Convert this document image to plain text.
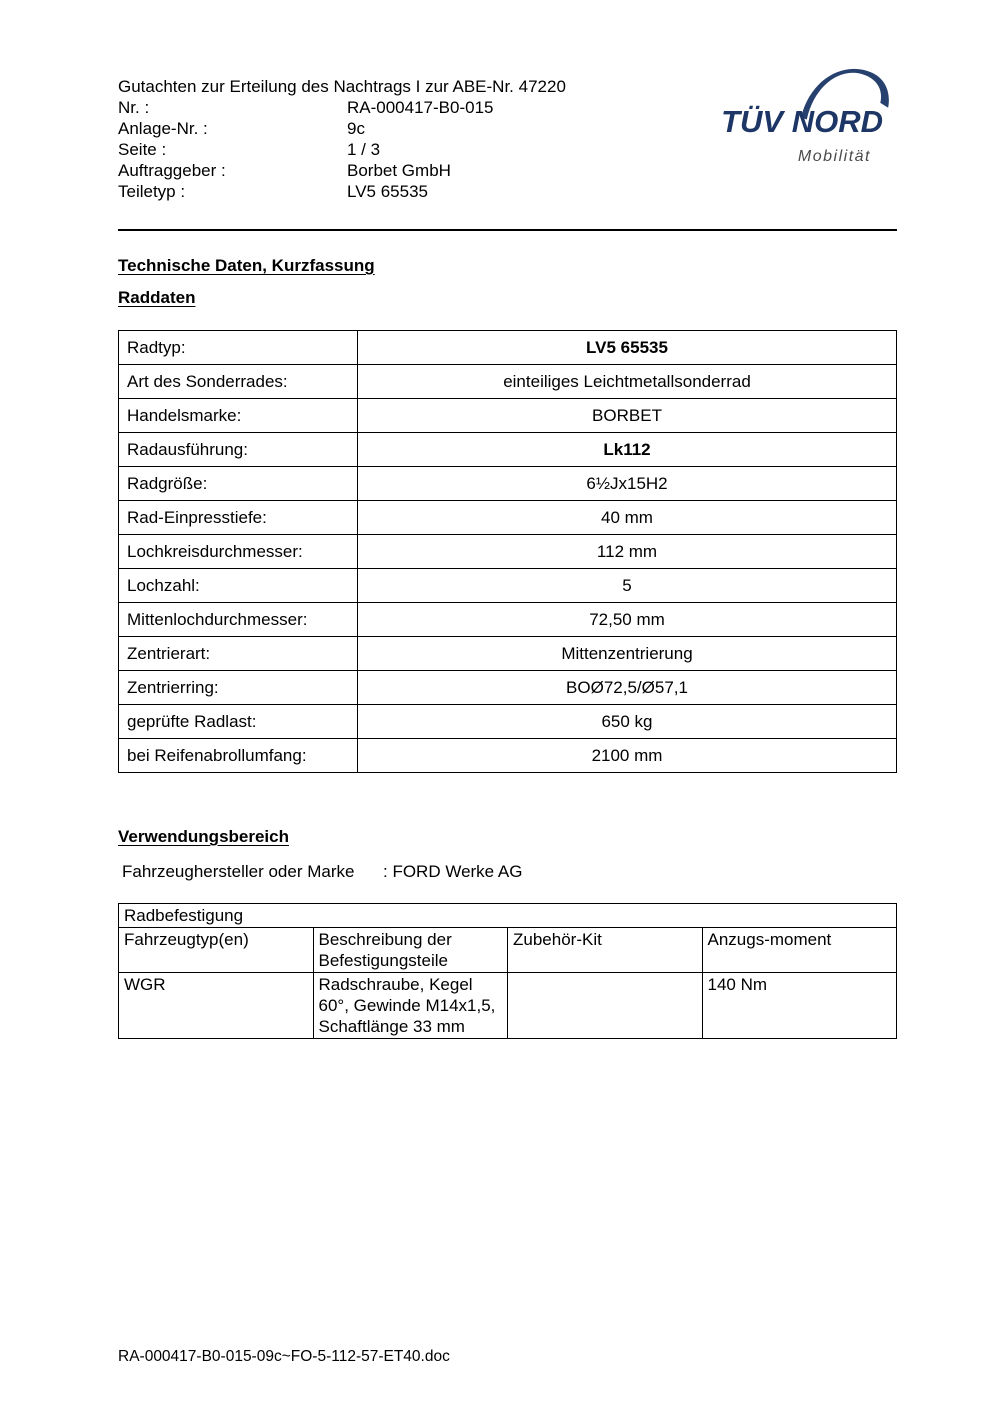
Gutachten zur Erteilung des Nachtrags I zur ABE-Nr. 47220
Nr. :	RA-000417-B0-015
Anlage-Nr. :	9c
Seite :	1 / 3
Auftraggeber :	Borbet GmbH
Teiletyp :	LV5 65535
TÜV NORD
Mobilität
Technische Daten, Kurzfassung
Raddaten
Radtyp:	LV5 65535
Art des Sonderrades:	einteiliges Leichtmetallsonderrad
Handelsmarke:	BORBET
Radausführung:	Lk112
Radgröße:	6½Jx15H2
Rad-Einpresstiefe:	40 mm
Lochkreisdurchmesser:	112 mm
Lochzahl:	5
Mittenlochdurchmesser:	72,50 mm
Zentrierart:	Mittenzentrierung
Zentrierring:	BOØ72,5/Ø57,1
geprüfte Radlast:	650 kg
bei Reifenabrollumfang:	2100 mm
Verwendungsbereich
Fahrzeughersteller oder Marke	: FORD Werke AG
Radbefestigung			
Fahrzeugtyp(en)	Beschreibung der Befestigungsteile	Zubehör-Kit	Anzugs-moment
WGR	Radschraube, Kegel 60°, Gewinde M14x1,5, Schaftlänge 33 mm		140 Nm
RA-000417-B0-015-09c~FO-5-112-57-ET40.doc
